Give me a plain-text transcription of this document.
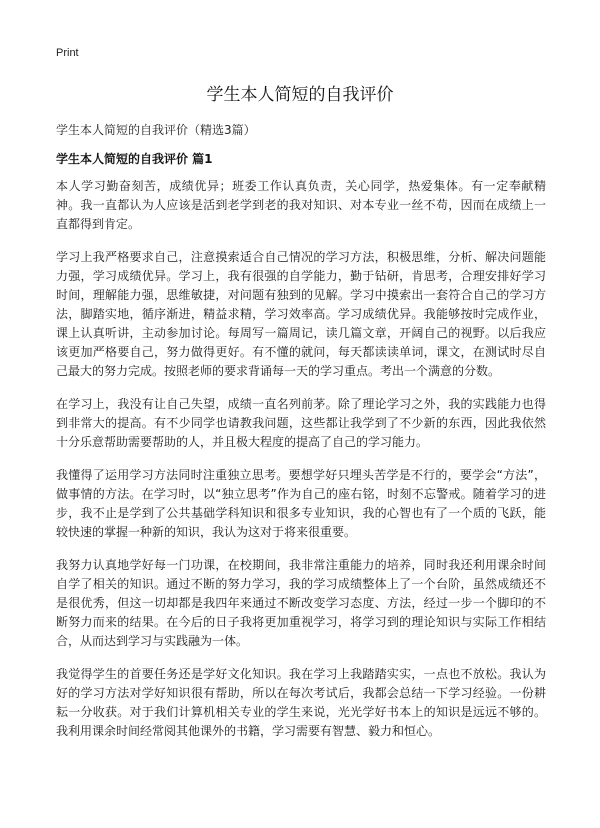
Print

学生本人简短的自我评价

学生本人简短的自我评价（精选3篇）

学生本人简短的自我评价 篇1

本人学习勤奋刻苦，成绩优异；班委工作认真负责，关心同学，热爱集体。有一定奉献精神。我一直都认为人应该是活到老学到老的我对知识、对本专业一丝不苟，因而在成绩上一直都得到肯定。

学习上我严格要求自己，注意摸索适合自己情况的学习方法，积极思维，分析、解决问题能力强，学习成绩优异。学习上，我有很强的自学能力，勤于钻研，肯思考，合理安排好学习时间，理解能力强，思维敏捷，对问题有独到的见解。学习中摸索出一套符合自己的学习方法，脚踏实地，循序渐进，精益求精，学习效率高。学习成绩优异。我能够按时完成作业，课上认真听讲，主动参加讨论。每周写一篇周记，读几篇文章，开阔自己的视野。以后我应该更加严格要自己，努力做得更好。有不懂的就问，每天都读读单词，课文，在测试时尽自己最大的努力完成。按照老师的要求背诵每一天的学习重点。考出一个满意的分数。

在学习上，我没有让自己失望，成绩一直名列前茅。除了理论学习之外，我的实践能力也得到非常大的提高。有不少同学也请教我问题，这些都让我学到了不少新的东西，因此我依然十分乐意帮助需要帮助的人，并且极大程度的提高了自己的学习能力。

我懂得了运用学习方法同时注重独立思考。要想学好只埋头苦学是不行的，要学会“方法”，做事情的方法。在学习时，以“独立思考”作为自己的座右铭，时刻不忘警戒。随着学习的进步，我不止是学到了公共基础学科知识和很多专业知识，我的心智也有了一个质的飞跃，能较快速的掌握一种新的知识，我认为这对于将来很重要。

我努力认真地学好每一门功课，在校期间，我非常注重能力的培养，同时我还利用课余时间自学了相关的知识。通过不断的努力学习，我的学习成绩整体上了一个台阶，虽然成绩还不是很优秀，但这一切却都是我四年来通过不断改变学习态度、方法，经过一步一个脚印的不断努力而来的结果。在今后的日子我将更加重视学习，将学习到的理论知识与实际工作相结合，从而达到学习与实践融为一体。

我觉得学生的首要任务还是学好文化知识。我在学习上我踏踏实实，一点也不放松。我认为好的学习方法对学好知识很有帮助，所以在每次考试后，我都会总结一下学习经验。一份耕耘一分收获。对于我们计算机相关专业的学生来说，光光学好书本上的知识是远远不够的。我利用课余时间经常阅其他课外的书籍，学习需要有智慧、毅力和恒心。
